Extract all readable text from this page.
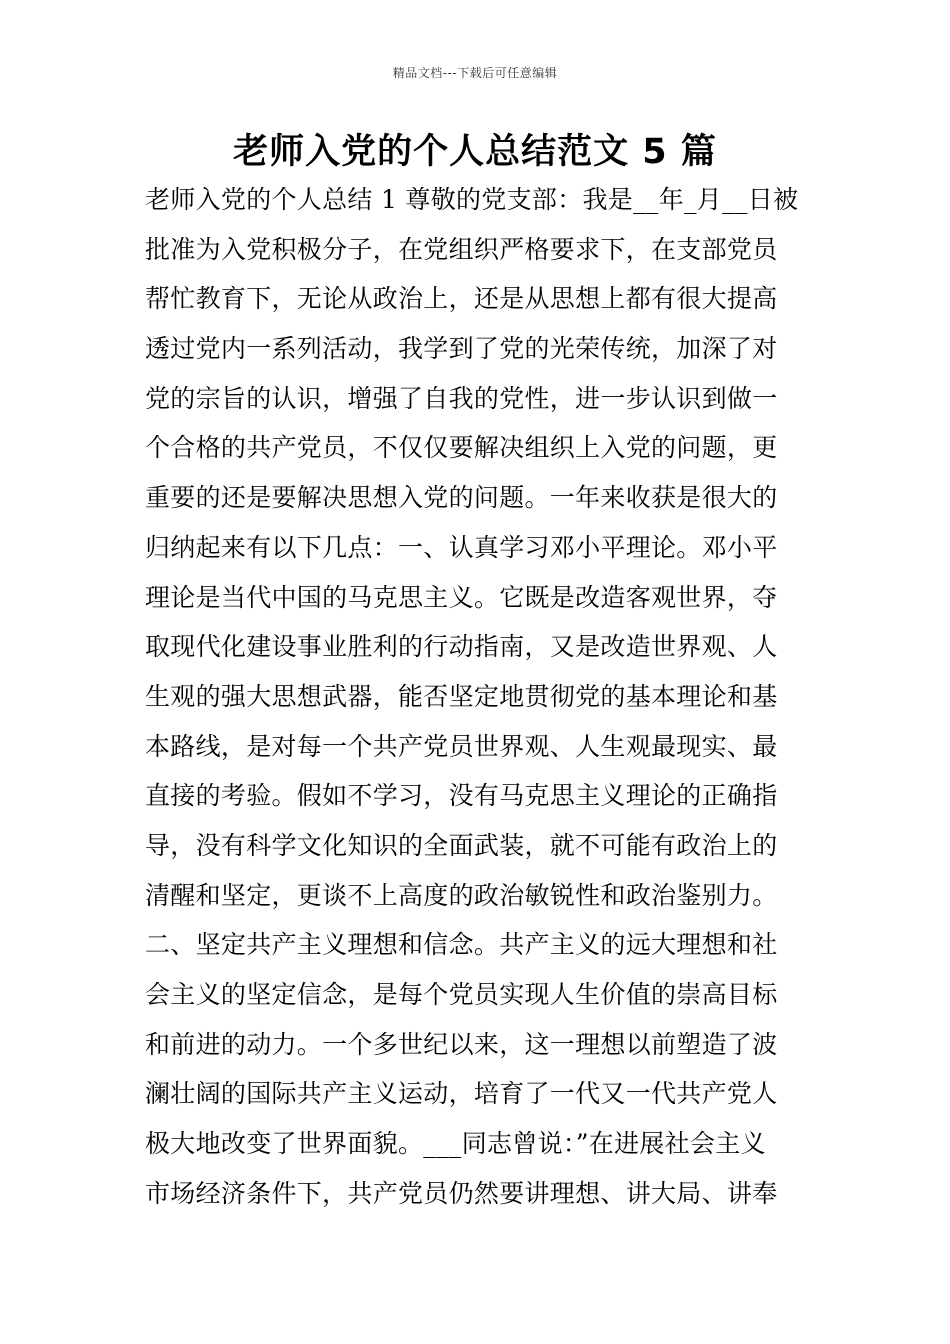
精品文档---下载后可任意编辑
老师入党的个人总结范文 5 篇
老师入党的个人总结 1 尊敬的党支部：我是__年_月__日被
批准为入党积极分子，在党组织严格要求下，在支部党员
帮忙教育下，无论从政治上，还是从思想上都有很大提高
透过党内一系列活动，我学到了党的光荣传统，加深了对
党的宗旨的认识，增强了自我的党性，进一步认识到做一
个合格的共产党员，不仅仅要解决组织上入党的问题，更
重要的还是要解决思想入党的问题。一年来收获是很大的
归纳起来有以下几点：一、认真学习邓小平理论。邓小平
理论是当代中国的马克思主义。它既是改造客观世界，夺
取现代化建设事业胜利的行动指南，又是改造世界观、人
生观的强大思想武器，能否坚定地贯彻党的基本理论和基
本路线，是对每一个共产党员世界观、人生观最现实、最
直接的考验。假如不学习，没有马克思主义理论的正确指
导，没有科学文化知识的全面武装，就不可能有政治上的
清醒和坚定，更谈不上高度的政治敏锐性和政治鉴别力。
二、坚定共产主义理想和信念。共产主义的远大理想和社
会主义的坚定信念，是每个党员实现人生价值的崇高目标
和前进的动力。一个多世纪以来，这一理想以前塑造了波
澜壮阔的国际共产主义运动，培育了一代又一代共产党人
极大地改变了世界面貌。___同志曾说：”在进展社会主义
市场经济条件下，共产党员仍然要讲理想、讲大局、讲奉
